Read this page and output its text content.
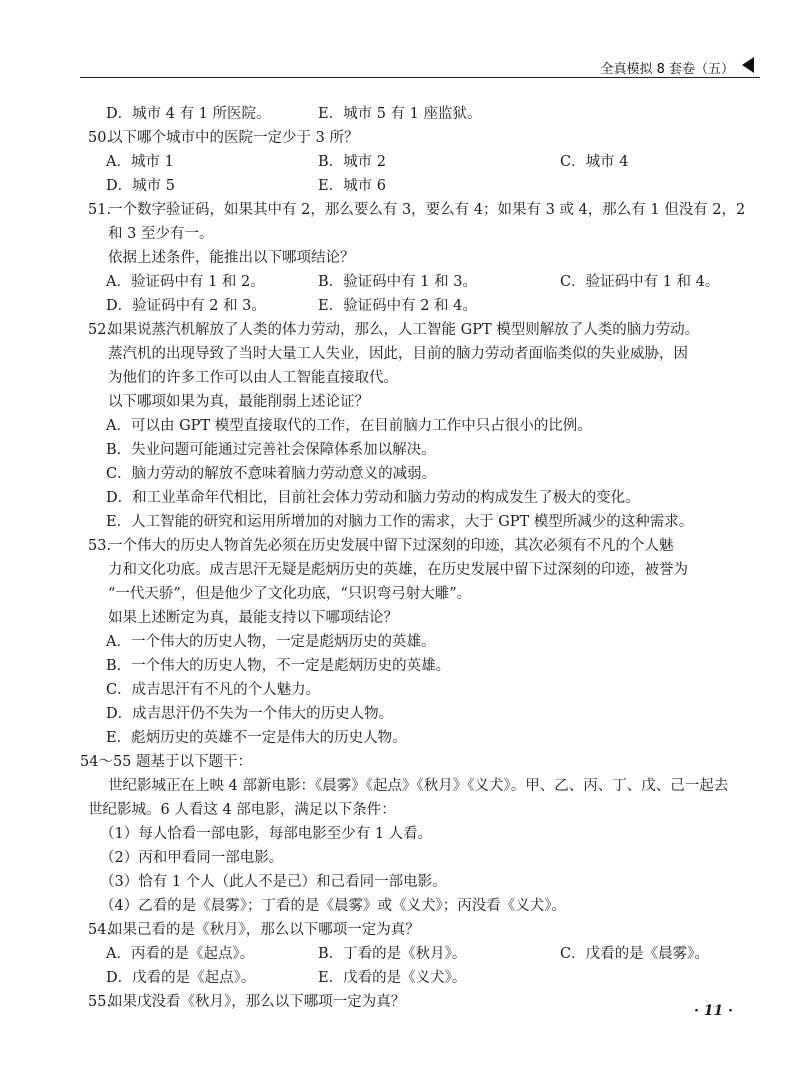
全真模拟 8 套卷（五）
D．城市 4 有 1 所医院。	E．城市 5 有 1 座监狱。
50.
以下哪个城市中的医院一定少于 3 所？
A．城市 1	B．城市 2	C．城市 4
D．城市 5	E．城市 6
51.
一个数字验证码，如果其中有 2，那么要么有 3，要么有 4；如果有 3 或 4，那么有 1 但没有 2，2
和 3 至少有一。
依据上述条件，能推出以下哪项结论？
A．验证码中有 1 和 2。	B．验证码中有 1 和 3。	C．验证码中有 1 和 4。
D．验证码中有 2 和 3。	E．验证码中有 2 和 4。
52.
如果说蒸汽机解放了人类的体力劳动，那么，人工智能 GPT 模型则解放了人类的脑力劳动。
蒸汽机的出现导致了当时大量工人失业，因此，目前的脑力劳动者面临类似的失业威胁，因
为他们的许多工作可以由人工智能直接取代。
以下哪项如果为真，最能削弱上述论证？
A．可以由 GPT 模型直接取代的工作，在目前脑力工作中只占很小的比例。
B．失业问题可能通过完善社会保障体系加以解决。
C．脑力劳动的解放不意味着脑力劳动意义的减弱。
D．和工业革命年代相比，目前社会体力劳动和脑力劳动的构成发生了极大的变化。
E．人工智能的研究和运用所增加的对脑力工作的需求，大于 GPT 模型所减少的这种需求。
53.
一个伟大的历史人物首先必须在历史发展中留下过深刻的印迹，其次必须有不凡的个人魅
力和文化功底。成吉思汗无疑是彪炳历史的英雄，在历史发展中留下过深刻的印迹，被誉为
“一代天骄”，但是他少了文化功底，“只识弯弓射大雕”。
如果上述断定为真，最能支持以下哪项结论？
A．一个伟大的历史人物，一定是彪炳历史的英雄。
B．一个伟大的历史人物，不一定是彪炳历史的英雄。
C．成吉思汗有不凡的个人魅力。
D．成吉思汗仍不失为一个伟大的历史人物。
E．彪炳历史的英雄不一定是伟大的历史人物。
54～55 题基于以下题干：
世纪影城正在上映 4 部新电影：《晨雾》《起点》《秋月》《义犬》。甲、乙、丙、丁、戊、己一起去
世纪影城。6 人看这 4 部电影，满足以下条件：
（1）每人恰看一部电影，每部电影至少有 1 人看。
（2）丙和甲看同一部电影。
（3）恰有 1 个人（此人不是己）和己看同一部电影。
（4）乙看的是《晨雾》；丁看的是《晨雾》或《义犬》；丙没看《义犬》。
54.
如果己看的是《秋月》，那么以下哪项一定为真？
A．丙看的是《起点》。	B．丁看的是《秋月》。	C．戊看的是《晨雾》。
D．戊看的是《起点》。	E．戊看的是《义犬》。
55.
如果戊没看《秋月》，那么以下哪项一定为真？
· 11 ·
